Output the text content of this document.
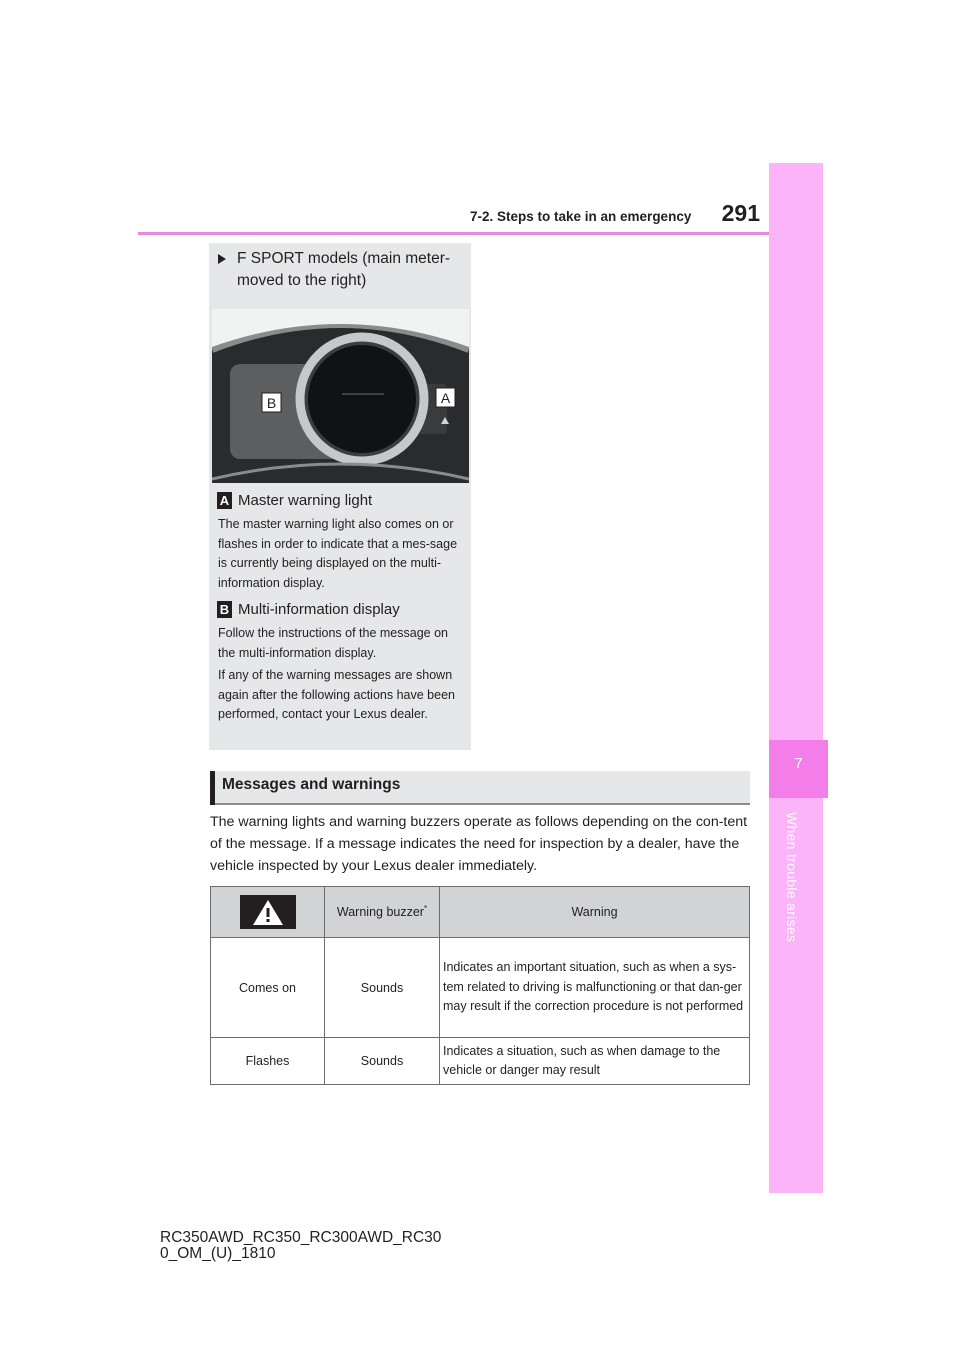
7-2. Steps to take in an emergency	291
7
When trouble arises
F SPORT models (main meter-
moved to the right)
B	A
A Master warning light
The master warning light also comes on or flashes in order to indicate that a mes-sage is currently being displayed on the multi-information display.
B Multi-information display
Follow the instructions of the message on the multi-information display.
If any of the warning messages are shown again after the following actions have been performed, contact your Lexus dealer.
Messages and warnings
The warning lights and warning buzzers operate as follows depending on the con-tent of the message. If a message indicates the need for inspection by a dealer, have the vehicle inspected by your Lexus dealer immediately.
	Warning buzzer*	Warning
Comes on	Sounds	Indicates an important situation, such as when a sys-tem related to driving is malfunctioning or that dan-ger may result if the correction procedure is not performed
Flashes	Sounds	Indicates a situation, such as when damage to the vehicle or danger may result
RC350AWD_RC350_RC300AWD_RC30
0_OM_(U)_1810
